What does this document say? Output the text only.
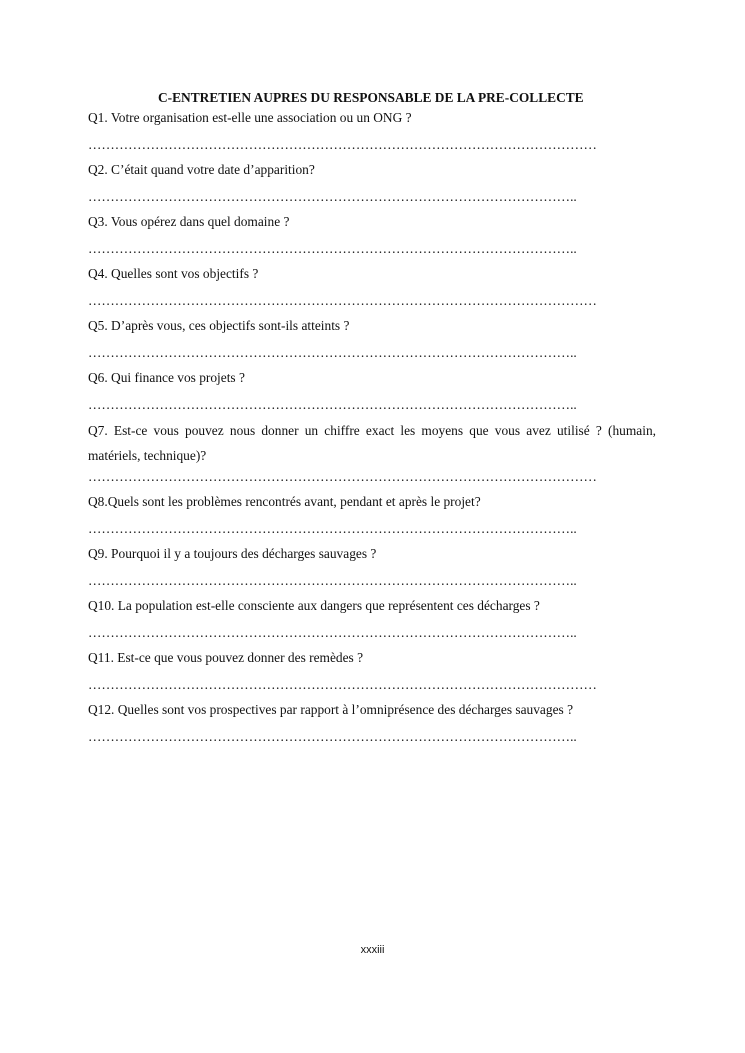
C-ENTRETIEN AUPRES DU RESPONSABLE DE LA PRE-COLLECTE
Q1. Votre organisation est-elle une association ou un ONG ?
……………………………………………………………………………………………………
Q2. C’était quand votre date d’apparition?
………………………………………………………………………………………………..
Q3. Vous opérez dans quel domaine ?
………………………………………………………………………………………………..
Q4. Quelles sont vos objectifs ?
……………………………………………………………………………………………………
Q5. D’après vous, ces objectifs sont-ils atteints ?
………………………………………………………………………………………………..
Q6. Qui finance vos projets ?
………………………………………………………………………………………………..
Q7. Est-ce vous pouvez nous donner un chiffre exact les moyens que vous avez utilisé ? (humain, matériels, technique)?
……………………………………………………………………………………………………
Q8.Quels sont les problèmes rencontrés avant, pendant et après le projet?
………………………………………………………………………………………………..
Q9. Pourquoi il y a toujours des décharges sauvages ?
………………………………………………………………………………………………..
Q10. La population est-elle consciente aux dangers que représentent ces décharges ?
………………………………………………………………………………………………..
Q11. Est-ce que vous pouvez donner des remèdes ?
……………………………………………………………………………………………………
Q12. Quelles sont vos prospectives par rapport à l’omniprésence des décharges sauvages ?
………………………………………………………………………………………………..
xxxiii
